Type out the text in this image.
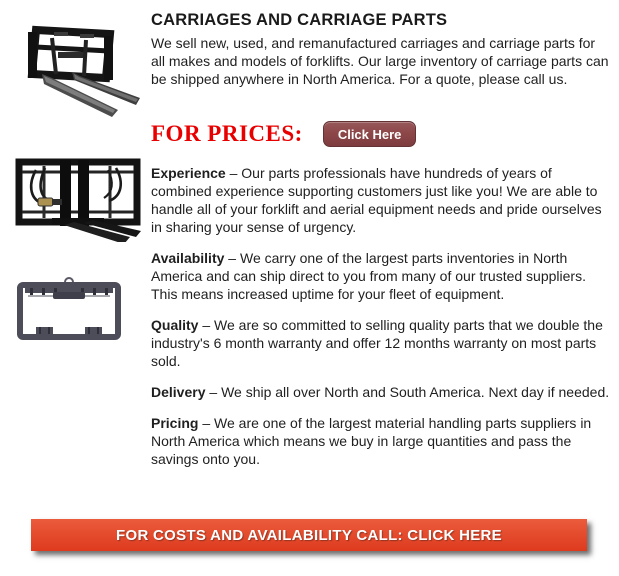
CARRIAGES AND CARRIAGE PARTS

We sell new, used, and remanufactured carriages and carriage parts for all makes and models of forklifts. Our large inventory of carriage parts can be shipped anywhere in North America. For a quote, please call us.

FOR PRICES:	Click Here

Experience – Our parts professionals have hundreds of years of combined experience supporting customers just like you! We are able to handle all of your forklift and aerial equipment needs and pride ourselves in sharing your sense of urgency.

Availability – We carry one of the largest parts inventories in North America and can ship direct to you from many of our trusted suppliers. This means increased uptime for your fleet of equipment.

Quality – We are so committed to selling quality parts that we double the industry's 6 month warranty and offer 12 months warranty on most parts sold.

Delivery – We ship all over North and South America. Next day if needed.

Pricing – We are one of the largest material handling parts suppliers in North America which means we buy in large quantities and pass the savings onto you.

FOR COSTS AND AVAILABILITY CALL: CLICK HERE
